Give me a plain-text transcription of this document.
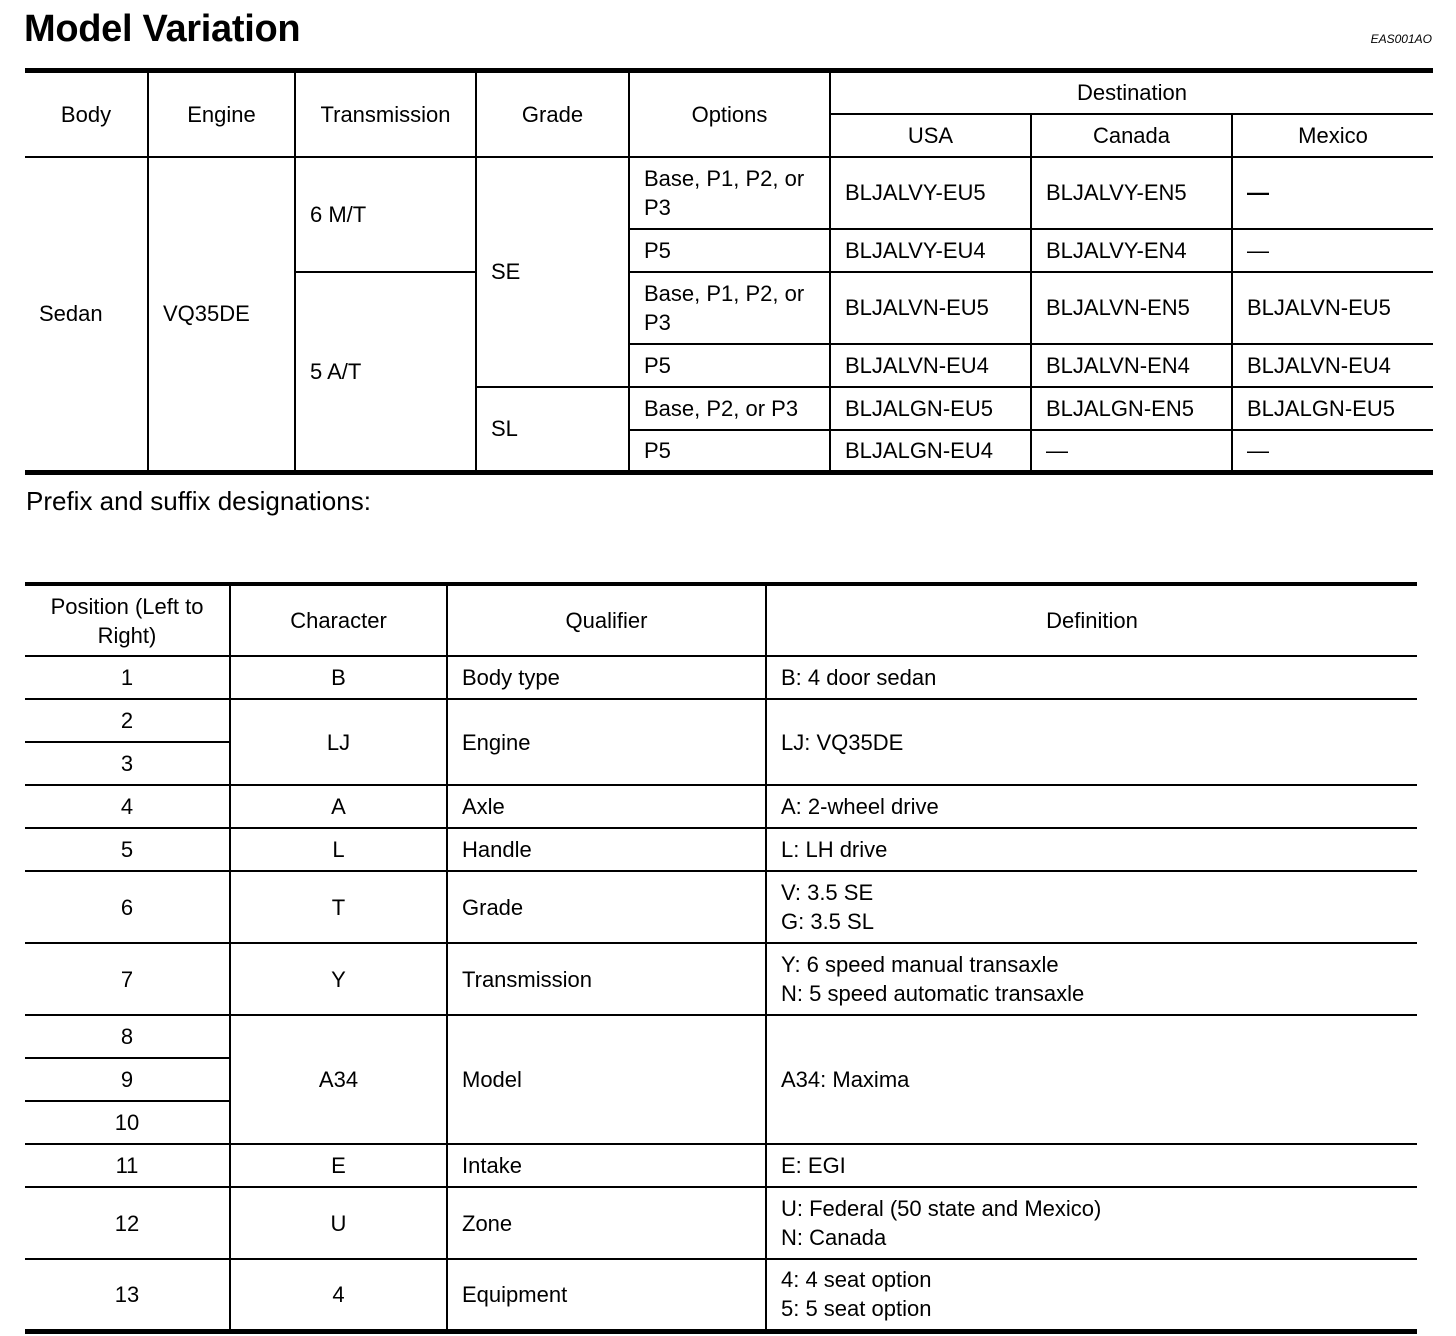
Model Variation	EAS001AO
Body	Engine	Transmission	Grade	Options	Destination		
					USA	Canada	Mexico
Sedan	VQ35DE	6 M/T	SE	Base, P1, P2, or P3	BLJALVY-EU5	BLJALVY-EN5	—
				P5	BLJALVY-EU4	BLJALVY-EN4	—
		5 A/T		Base, P1, P2, or P3	BLJALVN-EU5	BLJALVN-EN5	BLJALVN-EU5
				P5	BLJALVN-EU4	BLJALVN-EN4	BLJALVN-EU4
			SL	Base, P2, or P3	BLJALGN-EU5	BLJALGN-EN5	BLJALGN-EU5
				P5	BLJALGN-EU4	—	—
Prefix and suffix designations:
Position (Left to Right)	Character	Qualifier	Definition
1	B	Body type	B: 4 door sedan
2	LJ	Engine	LJ: VQ35DE
3			
4	A	Axle	A: 2-wheel drive
5	L	Handle	L: LH drive
6	T	Grade	V: 3.5 SE
G: 3.5 SL

7	Y	Transmission	Y: 6 speed manual transaxle
N: 5 speed automatic transaxle

8	A34	Model	A34: Maxima
9			
10			
11	E	Intake	E: EGI
12	U	Zone	U: Federal (50 state and Mexico)
N: Canada

13	4	Equipment	4: 4 seat option
5: 5 seat option
